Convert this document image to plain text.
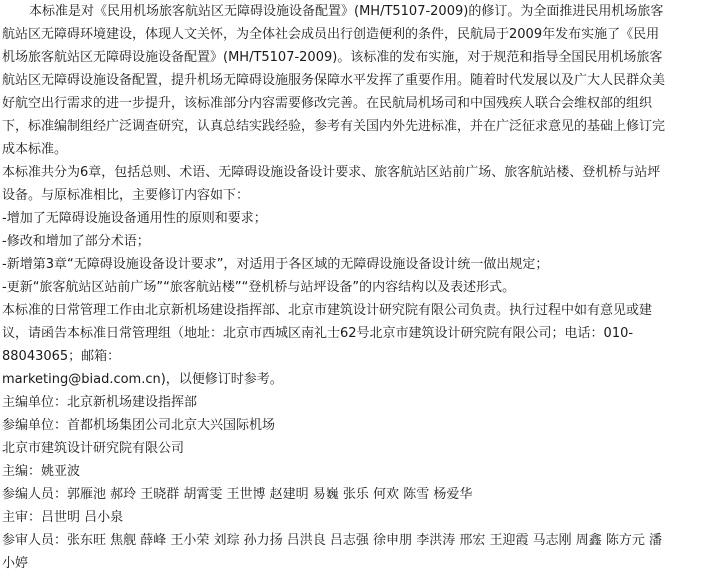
本标准是对《民用机场旅客航站区无障碍设施设备配置》(MH/T5107-2009)的修订。为全面推进民用机场旅客
航站区无障碍环境建设，体现人文关怀，为全体社会成员出行创造便利的条件，民航局于2009年发布实施了《民用
机场旅客航站区无障碍设施设备配置》(MH/T5107-2009)。该标准的发布实施，对于规范和指导全国民用机场旅客
航站区无障碍设施设备配置，提升机场无障碍设施服务保障水平发挥了重要作用。随着时代发展以及广大人民群众美
好航空出行需求的进一步提升，该标准部分内容需要修改完善。在民航局机场司和中国残疾人联合会维权部的组织
下，标准编制组经广泛调查研究，认真总结实践经验，参考有关国内外先进标准，并在广泛征求意见的基础上修订完
成本标准。
本标准共分为6章，包括总则、术语、无障碍设施设备设计要求、旅客航站区站前广场、旅客航站楼、登机桥与站坪
设备。与原标准相比，主要修订内容如下：
-增加了无障碍设施设备通用性的原则和要求；
-修改和增加了部分术语；
-新增第3章“无障碍设施设备设计要求”，对适用于各区域的无障碍设施设备设计统一做出规定；
-更新“旅客航站区站前广场”“旅客航站楼”“登机桥与站坪设备”的内容结构以及表述形式。
本标准的日常管理工作由北京新机场建设指挥部、北京市建筑设计研究院有限公司负责。执行过程中如有意见或建
议，请函告本标准日常管理组（地址：北京市西城区南礼士62号北京市建筑设计研究院有限公司；电话：010-
88043065；邮箱：
marketing@biad.com.cn)，以便修订时参考。
主编单位：北京新机场建设指挥部
参编单位：首都机场集团公司北京大兴国际机场
北京市建筑设计研究院有限公司
主编：姚亚波
参编人员：郭雁池 郝玲 王晓群 胡霄雯 王世博 赵建明 易巍 张乐 何欢 陈雪 杨爱华
主审：吕世明 吕小泉
参审人员：张东旺 焦舰 薛峰 王小荣 刘琮 孙力扬 吕洪良 吕志强 徐申朋 李洪涛 邢宏 王迎霞 马志刚 周鑫 陈方元 潘
小婷
